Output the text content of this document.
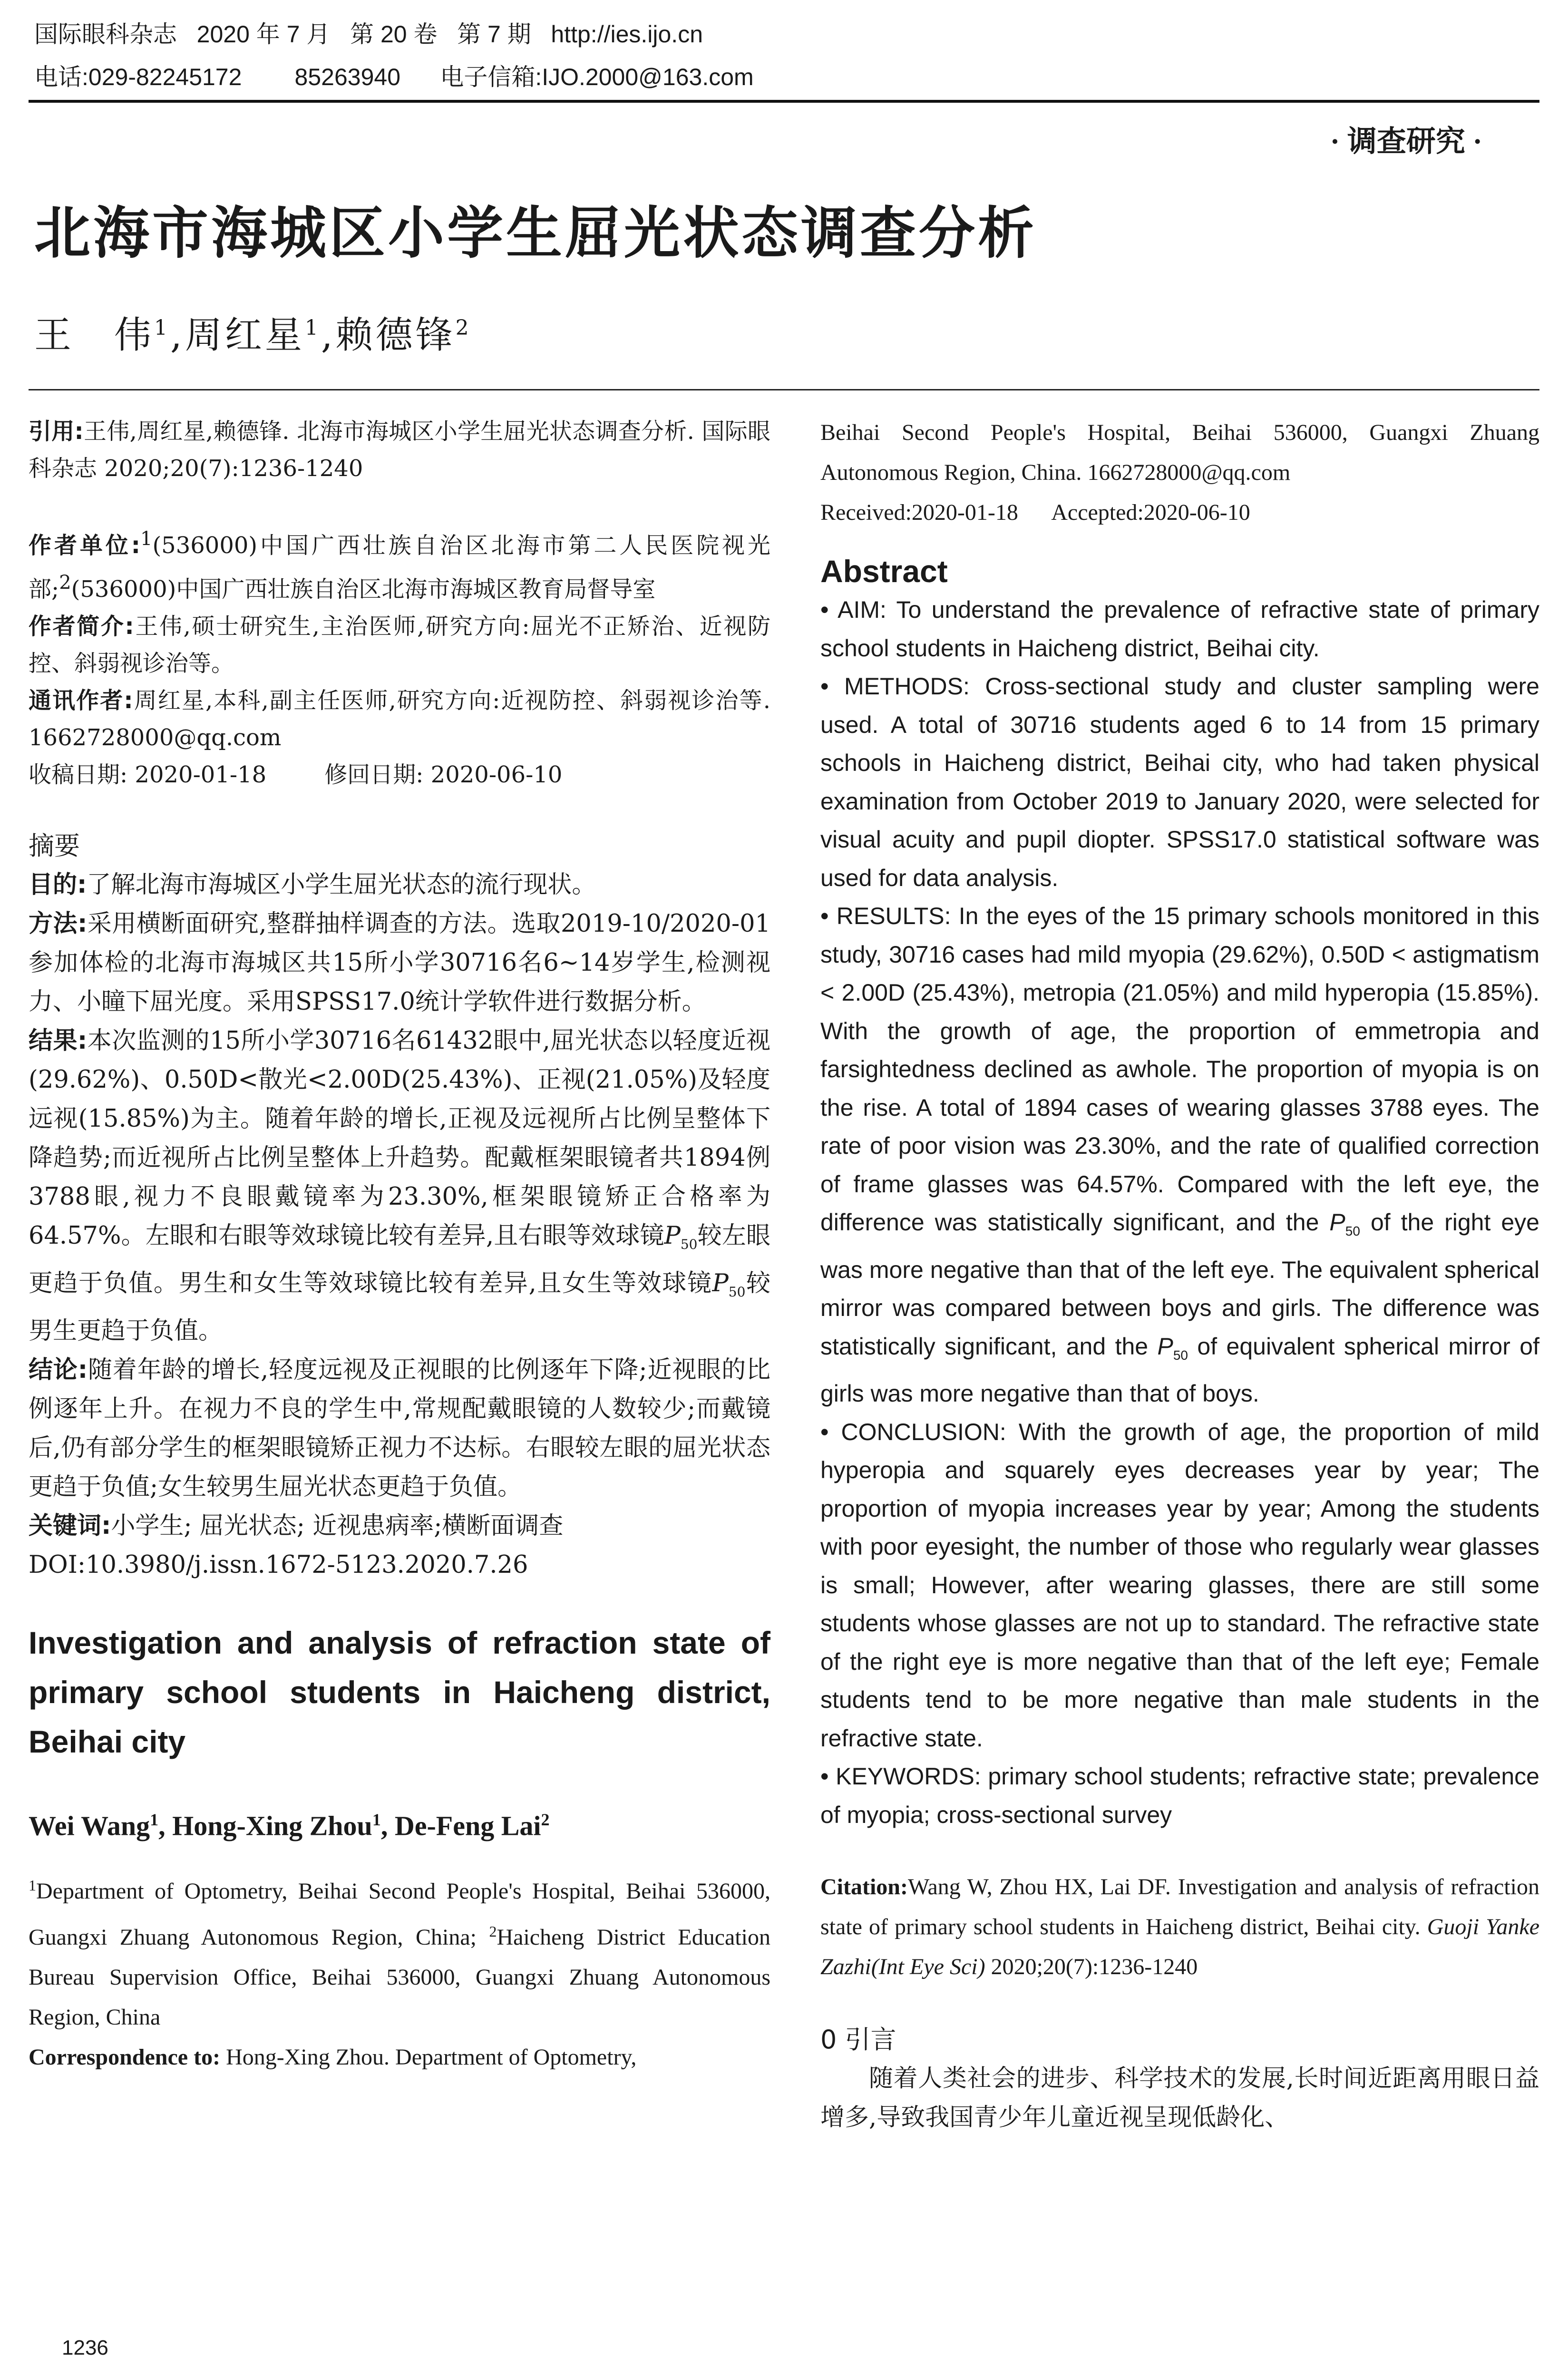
国际眼科杂志   2020 年 7 月   第 20 卷   第 7 期   http://ies.ijo.cn
电话:029-82245172        85263940      电子信箱:IJO.2000@163.com
· 调查研究 ·
北海市海城区小学生屈光状态调查分析
王　伟$^1$,周红星$^1$,赖德锋$^2$

引用:王伟,周红星,赖德锋. 北海市海城区小学生屈光状态调查分析. 国际眼科杂志 2020;20(7):1236-1240

作者单位:$^1$(536000)中国广西壮族自治区北海市第二人民医院视光部;$^2$(536000)中国广西壮族自治区北海市海城区教育局督导室

作者简介:王伟,硕士研究生,主治医师,研究方向:屈光不正矫治、近视防控、斜弱视诊治等。

通讯作者:周红星,本科,副主任医师,研究方向:近视防控、斜弱视诊治等. 1662728000@qq.com

收稿日期: 2020-01-18        修回日期: 2020-06-10

摘要

目的:了解北海市海城区小学生屈光状态的流行现状。

方法:采用横断面研究,整群抽样调查的方法。选取2019-10/2020-01参加体检的北海市海城区共15所小学30716名6~14岁学生,检测视力、小瞳下屈光度。采用SPSS17.0统计学软件进行数据分析。

结果:本次监测的15所小学30716名61432眼中,屈光状态以轻度近视(29.62%)、0.50D<散光<2.00D(25.43%)、正视(21.05%)及轻度远视(15.85%)为主。随着年龄的增长,正视及远视所占比例呈整体下降趋势;而近视所占比例呈整体上升趋势。配戴框架眼镜者共1894例3788眼,视力不良眼戴镜率为23.30%,框架眼镜矫正合格率为64.57%。左眼和右眼等效球镜比较有差异,且右眼等效球镜$P_{50}$较左眼更趋于负值。男生和女生等效球镜比较有差异,且女生等效球镜$P_{50}$较男生更趋于负值。

结论:随着年龄的增长,轻度远视及正视眼的比例逐年下降;近视眼的比例逐年上升。在视力不良的学生中,常规配戴眼镜的人数较少;而戴镜后,仍有部分学生的框架眼镜矫正视力不达标。右眼较左眼的屈光状态更趋于负值;女生较男生屈光状态更趋于负值。

关键词:小学生; 屈光状态; 近视患病率;横断面调查

DOI:10.3980/j.issn.1672-5123.2020.7.26

Investigation and analysis of refraction state of primary school students in Haicheng district, Beihai city

Wei Wang$^1$, Hong-Xing Zhou$^1$, De-Feng Lai$^2$

$^1$Department of Optometry, Beihai Second People's Hospital, Beihai 536000, Guangxi Zhuang Autonomous Region, China; $^2$Haicheng District Education Bureau Supervision Office, Beihai 536000, Guangxi Zhuang Autonomous Region, China

Correspondence to: Hong-Xing Zhou. Department of Optometry,

Beihai Second People's Hospital, Beihai 536000, Guangxi Zhuang Autonomous Region, China. 1662728000@qq.com

Received:2020-01-18      Accepted:2020-06-10

Abstract

• AIM: To understand the prevalence of refractive state of primary school students in Haicheng district, Beihai city.

• METHODS: Cross-sectional study and cluster sampling were used. A total of 30716 students aged 6 to 14 from 15 primary schools in Haicheng district, Beihai city, who had taken physical examination from October 2019 to January 2020, were selected for visual acuity and pupil diopter. SPSS17.0 statistical software was used for data analysis.

• RESULTS: In the eyes of the 15 primary schools monitored in this study, 30716 cases had mild myopia (29.62%), 0.50D < astigmatism < 2.00D (25.43%), metropia (21.05%) and mild hyperopia (15.85%). With the growth of age, the proportion of emmetropia and farsightedness declined as awhole. The proportion of myopia is on the rise. A total of 1894 cases of wearing glasses 3788 eyes. The rate of poor vision was 23.30%, and the rate of qualified correction of frame glasses was 64.57%. Compared with the left eye, the difference was statistically significant, and the $P_{50}$ of the right eye was more negative than that of the left eye. The equivalent spherical mirror was compared between boys and girls. The difference was statistically significant, and the $P_{50}$ of equivalent spherical mirror of girls was more negative than that of boys.

• CONCLUSION: With the growth of age, the proportion of mild hyperopia and squarely eyes decreases year by year; The proportion of myopia increases year by year; Among the students with poor eyesight, the number of those who regularly wear glasses is small; However, after wearing glasses, there are still some students whose glasses are not up to standard. The refractive state of the right eye is more negative than that of the left eye; Female students tend to be more negative than male students in the refractive state.

• KEYWORDS: primary school students; refractive state; prevalence of myopia; cross-sectional survey

Citation:Wang W, Zhou HX, Lai DF. Investigation and analysis of refraction state of primary school students in Haicheng district, Beihai city. Guoji Yanke Zazhi(Int Eye Sci) 2020;20(7):1236-1240

0 引言

随着人类社会的进步、科学技术的发展,长时间近距离用眼日益增多,导致我国青少年儿童近视呈现低龄化、

1236
